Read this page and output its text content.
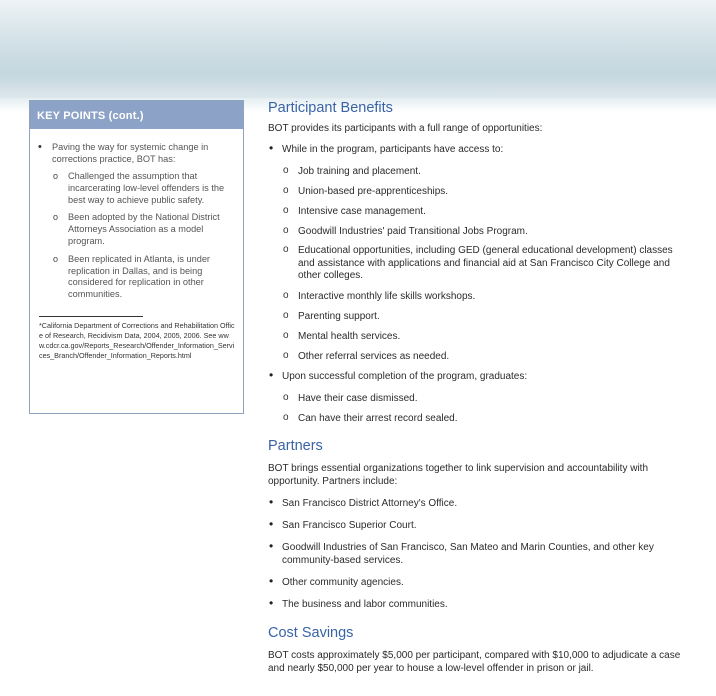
KEY POINTS (cont.)
• Paving the way for systemic change in corrections practice, BOT has:
o Challenged the assumption that incarcerating low-level offenders is the best way to achieve public safety.
o Been adopted by the National District Attorneys Association as a model program.
o Been replicated in Atlanta, is under replication in Dallas, and is being considered for replication in other communities.
*California Department of Corrections and Rehabilitation Office of Research, Recidivism Data, 2004, 2005, 2006. See www.cdcr.ca.gov/Reports_Research/Offender_Information_Services_Branch/Offender_Information_Reports.html
Participant Benefits

BOT provides its participants with a full range of opportunities:

• While in the program, participants have access to:
o Job training and placement.
o Union-based pre-apprenticeships.
o Intensive case management.
o Goodwill Industries' paid Transitional Jobs Program.
o Educational opportunities, including GED (general educational development) classes and assistance with applications and financial aid at San Francisco City College and other colleges.
o Interactive monthly life skills workshops.
o Parenting support.
o Mental health services.
o Other referral services as needed.
• Upon successful completion of the program, graduates:
o Have their case dismissed.
o Can have their arrest record sealed.
Partners

BOT brings essential organizations together to link supervision and accountability with opportunity. Partners include:

• San Francisco District Attorney's Office.
• San Francisco Superior Court.
• Goodwill Industries of San Francisco, San Mateo and Marin Counties, and other key community-based services.
• Other community agencies.
• The business and labor communities.
Cost Savings

BOT costs approximately $5,000 per participant, compared with $10,000 to adjudicate a case and nearly $50,000 per year to house a low-level offender in prison or jail.
